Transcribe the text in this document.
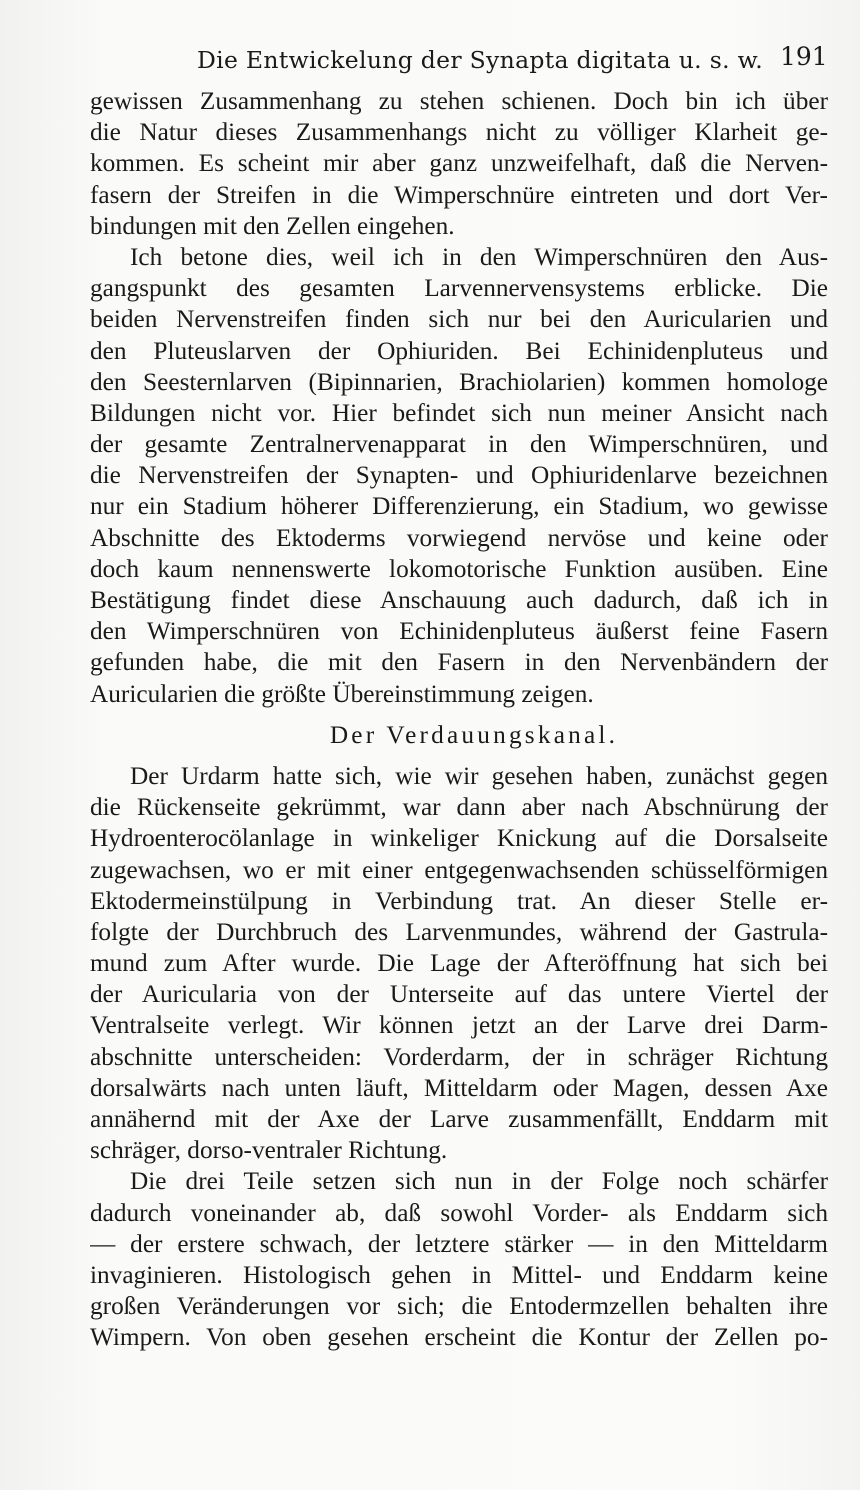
Die Entwickelung der Synapta digitata u. s. w. 191
gewissen Zusammenhang zu stehen schienen. Doch bin ich über
die Natur dieses Zusammenhangs nicht zu völliger Klarheit ge-
kommen. Es scheint mir aber ganz unzweifelhaft, daß die Nerven-
fasern der Streifen in die Wimperschnüre eintreten und dort Ver-
bindungen mit den Zellen eingehen.
Ich betone dies, weil ich in den Wimperschnüren den Aus-
gangspunkt des gesamten Larvennervensystems erblicke. Die
beiden Nervenstreifen finden sich nur bei den Auricularien und
den Pluteuslarven der Ophiuriden. Bei Echinidenpluteus und
den Seesternlarven (Bipinnarien, Brachiolarien) kommen homologe
Bildungen nicht vor. Hier befindet sich nun meiner Ansicht nach
der gesamte Zentralnervenapparat in den Wimperschnüren, und
die Nervenstreifen der Synapten- und Ophiuridenlarve bezeichnen
nur ein Stadium höherer Differenzierung, ein Stadium, wo gewisse
Abschnitte des Ektoderms vorwiegend nervöse und keine oder
doch kaum nennenswerte lokomotorische Funktion ausüben. Eine
Bestätigung findet diese Anschauung auch dadurch, daß ich in
den Wimperschnüren von Echinidenpluteus äußerst feine Fasern
gefunden habe, die mit den Fasern in den Nervenbändern der
Auricularien die größte Übereinstimmung zeigen.
Der Verdauungskanal.
Der Urdarm hatte sich, wie wir gesehen haben, zunächst gegen
die Rückenseite gekrümmt, war dann aber nach Abschnürung der
Hydroenterocölanlage in winkeliger Knickung auf die Dorsalseite
zugewachsen, wo er mit einer entgegenwachsenden schüsselförmigen
Ektodermeinstülpung in Verbindung trat. An dieser Stelle er-
folgte der Durchbruch des Larvenmundes, während der Gastrula-
mund zum After wurde. Die Lage der Afteröffnung hat sich bei
der Auricularia von der Unterseite auf das untere Viertel der
Ventralseite verlegt. Wir können jetzt an der Larve drei Darm-
abschnitte unterscheiden: Vorderdarm, der in schräger Richtung
dorsalwärts nach unten läuft, Mitteldarm oder Magen, dessen Axe
annähernd mit der Axe der Larve zusammenfällt, Enddarm mit
schräger, dorso-ventraler Richtung.
Die drei Teile setzen sich nun in der Folge noch schärfer
dadurch voneinander ab, daß sowohl Vorder- als Enddarm sich
— der erstere schwach, der letztere stärker — in den Mitteldarm
invaginieren. Histologisch gehen in Mittel- und Enddarm keine
großen Veränderungen vor sich; die Entodermzellen behalten ihre
Wimpern. Von oben gesehen erscheint die Kontur der Zellen po-
